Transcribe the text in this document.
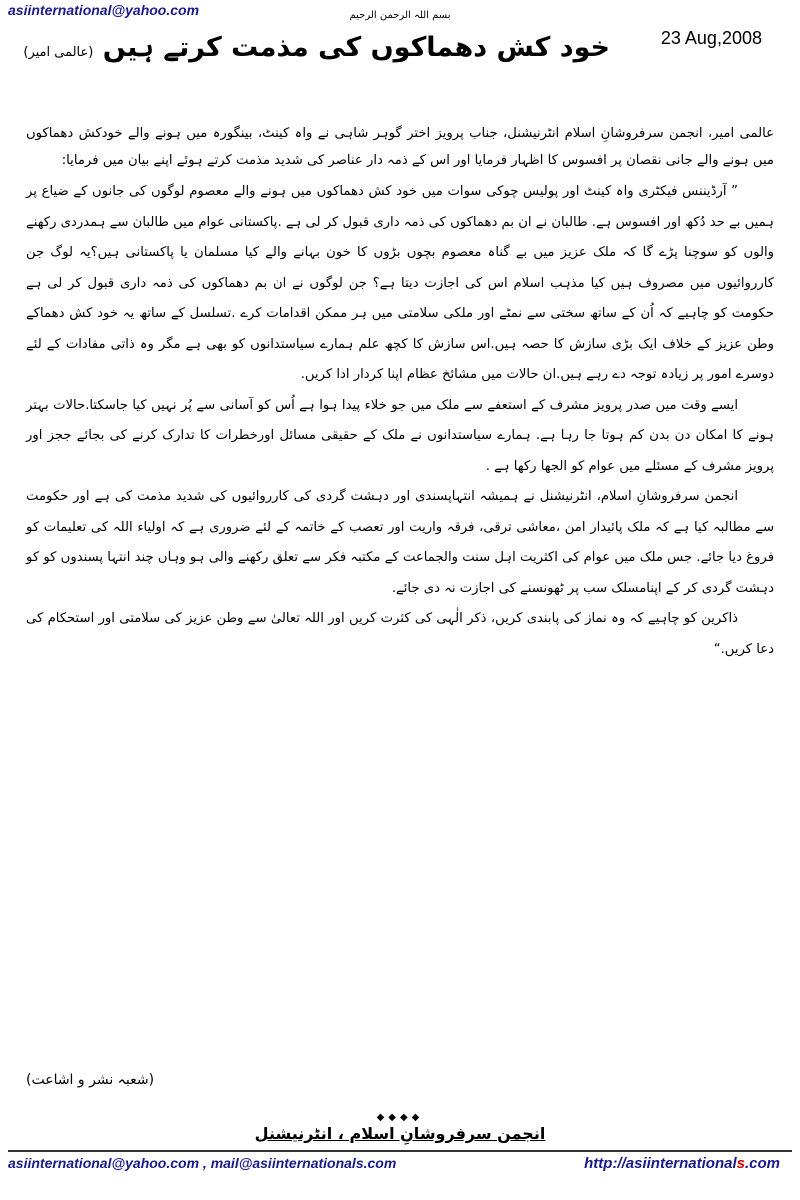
asiinternational@yahoo.com	بسم اللہ الرحمن الرحیم
23 Aug,2008
خود کش دھماکوں کی مذمت کرتے ہیں (عالمی امیر)

عالمی امیر، انجمن سرفروشانِ اسلام انٹرنیشنل، جناب پرویز اختر گوہر شاہی نے واہ کینٹ، بینگورہ میں ہونے والے خودکش دھماکوں میں ہونے والے جانی نقصان پر افسوس کا اظہار فرمایا اور اس کے ذمہ دار عناصر کی شدید مذمت کرتے ہوئے اپنے بیان میں فرمایا:

” آرڈیننس فیکٹری واہ کینٹ اور پولیس چوکی سوات میں خود کش دھماکوں میں ہونے والے معصوم لوگوں کی جانوں کے ضیاع پر ہمیں بے حد دُکھ اور افسوس ہے. طالبان نے ان بم دھماکوں کی ذمہ داری قبول کر لی ہے .پاکستانی عوام میں طالبان سے ہمدردی رکھنے والوں کو سوچنا پڑے گا کہ ملک عزیز میں بے گناہ معصوم بچوں بڑوں کا خون بہانے والے کیا مسلمان یا پاکستانی ہیں؟یہ لوگ جن کارروائیوں میں مصروف ہیں کیا مذہب اسلام اس کی اجازت دیتا ہے؟ جن لوگوں نے ان بم دھماکوں کی ذمہ داری قبول کر لی ہے حکومت کو چاہیے کہ اُن کے ساتھ سختی سے نمٹے اور ملکی سلامتی میں ہر ممکن اقدامات کرے .تسلسل کے ساتھ یہ خود کش دھماکے وطن عزیز کے خلاف ایک بڑی سازش کا حصہ ہیں.اس سازش کا کچھ علم ہمارے سیاستدانوں کو بھی ہے مگر وہ ذاتی مفادات کے لئے دوسرے امور پر زیادہ توجہ دے رہے ہیں.ان حالات میں مشائخ عظام اپنا کردار ادا کریں.

ایسے وقت میں صدر پرویز مشرف کے استعفے سے ملک میں جو خلاء پیدا ہوا ہے اُس کو آسانی سے پُر نہیں کیا جاسکتا.حالات بہتر ہونے کا امکان دن بدن کم ہوتا جا رہا ہے. ہمارے سیاستدانوں نے ملک کے حقیقی مسائل اورخطرات کا تدارک کرنے کی بجائے ججز اور پرویز مشرف کے مسئلے میں عوام کو الجھا رکھا ہے .

انجمن سرفروشانِ اسلام، انٹرنیشنل نے ہمیشہ انتہاپسندی اور دہشت گردی کی کارروائیوں کی شدید مذمت کی ہے اور حکومت سے مطالبہ کیا ہے کہ ملک پائیدار امن ،معاشی ترقی، فرقہ واریت اور تعصب کے خاتمہ کے لئے ضروری ہے کہ اولیاء اللہ کی تعلیمات کو فروغ دیا جائے. جس ملک میں عوام کی اکثریت اہل سنت والجماعت کے مکتبہ فکر سے تعلق رکھنے والی ہو وہاں چند انتہا پسندوں کو کو دہشت گردی کر کے اپنامسلک سب پر ٹھونسنے کی اجازت نہ دی جائے.

ذاکرین کو چاہیے کہ وہ نماز کی پابندی کریں، ذکر الٰہی کی کثرت کریں اور اللہ تعالیٰ سے وطن عزیز کی سلامتی اور استحکام کی دعا کریں.“

(شعبہ نشر و اشاعت)
◆◆◆◆
انجمن سرفروشانِ اسلام ، انٹرنیشنل
asiinternational@yahoo.com , mail@asiinternationals.com	http://asiinternationals.com
